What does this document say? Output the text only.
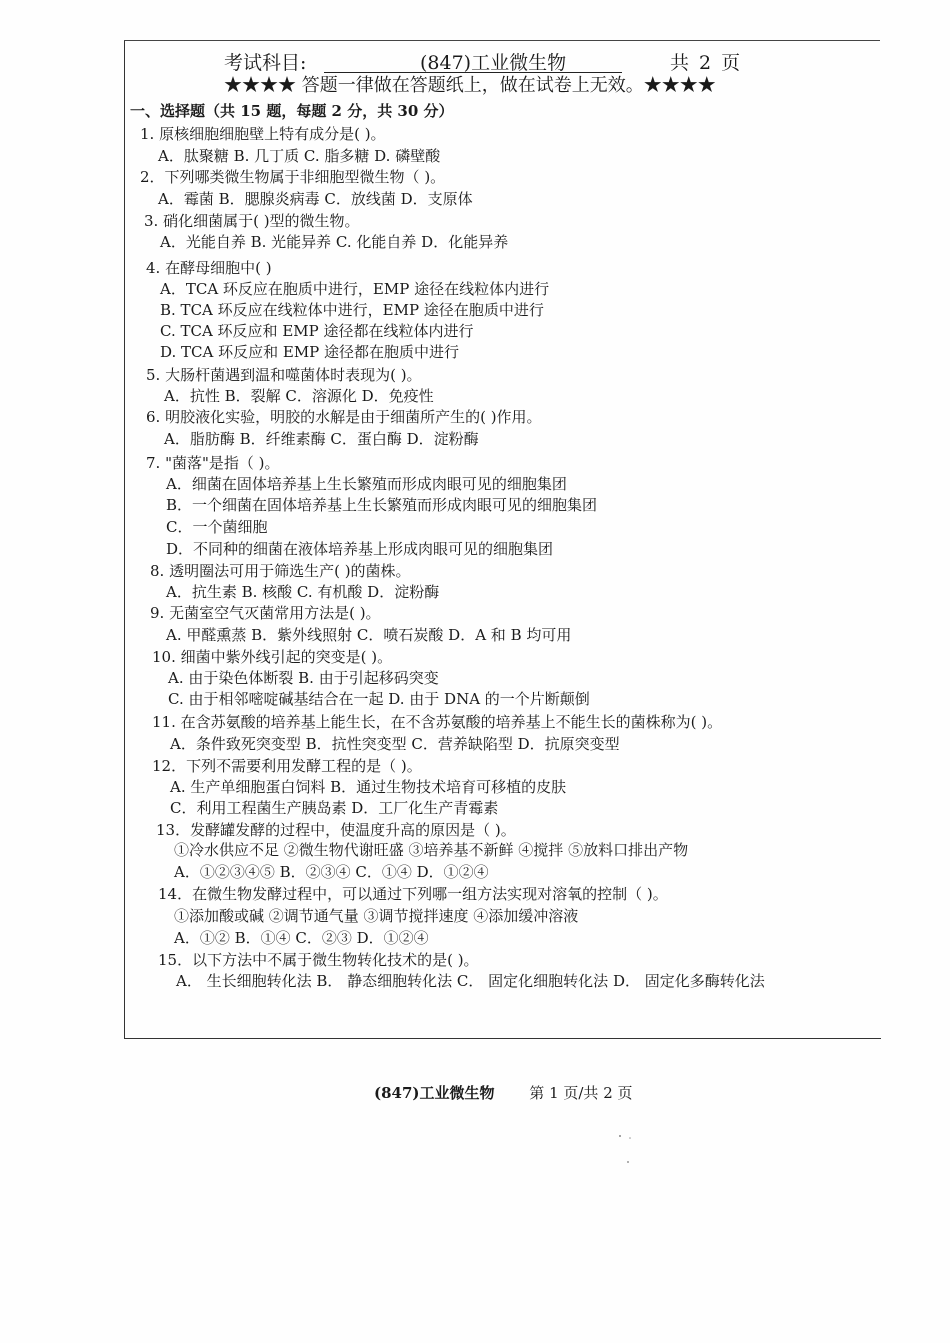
考试科目:	(847)工业微生物	共 2 页
★★★★ 答题一律做在答题纸上，做在试卷上无效。★★★★
一、选择题（共 15 题，每题 2 分，共 30 分）
1. 原核细胞细胞壁上特有成分是( )。
A．肽聚糖 B. 几丁质 C. 脂多糖 D. 磷壁酸
2．下列哪类微生物属于非细胞型微生物（ )。
A．霉菌 B．腮腺炎病毒 C．放线菌 D．支原体
3. 硝化细菌属于( )型的微生物。
A．光能自养 B. 光能异养 C. 化能自养 D．化能异养
4. 在酵母细胞中( )
A．TCA 环反应在胞质中进行，EMP 途径在线粒体内进行
B. TCA 环反应在线粒体中进行，EMP 途径在胞质中进行
C. TCA 环反应和 EMP 途径都在线粒体内进行
D. TCA 环反应和 EMP 途径都在胞质中进行
5. 大肠杆菌遇到温和噬菌体时表现为( )。
A．抗性 B．裂解 C．溶源化 D．免疫性
6. 明胶液化实验，明胶的水解是由于细菌所产生的( )作用。
A．脂肪酶 B．纤维素酶 C．蛋白酶 D．淀粉酶
7. "菌落"是指（ )。
A．细菌在固体培养基上生长繁殖而形成肉眼可见的细胞集团
B．一个细菌在固体培养基上生长繁殖而形成肉眼可见的细胞集团
C．一个菌细胞
D．不同种的细菌在液体培养基上形成肉眼可见的细胞集团
8. 透明圈法可用于筛选生产( )的菌株。
A．抗生素 B. 核酸 C. 有机酸 D．淀粉酶
9. 无菌室空气灭菌常用方法是( )。
A. 甲醛熏蒸 B．紫外线照射 C．喷石炭酸 D．A 和 B 均可用
10. 细菌中紫外线引起的突变是( )。
A. 由于染色体断裂 B. 由于引起移码突变
C. 由于相邻嘧啶碱基结合在一起 D. 由于 DNA 的一个片断颠倒
11. 在含苏氨酸的培养基上能生长，在不含苏氨酸的培养基上不能生长的菌株称为( )。
A．条件致死突变型 B．抗性突变型 C．营养缺陷型 D．抗原突变型
12．下列不需要利用发酵工程的是（ )。
A. 生产单细胞蛋白饲料 B．通过生物技术培育可移植的皮肤
C．利用工程菌生产胰岛素 D．工厂化生产青霉素
13．发酵罐发酵的过程中，使温度升高的原因是（ )。
①冷水供应不足 ②微生物代谢旺盛 ③培养基不新鲜 ④搅拌 ⑤放料口排出产物
A．①②③④⑤ B．②③④ C．①④ D．①②④
14．在微生物发酵过程中，可以通过下列哪一组方法实现对溶氧的控制（ )。
①添加酸或碱 ②调节通气量 ③调节搅拌速度 ④添加缓冲溶液
A．①② B．①④ C．②③ D．①②④
15．以下方法中不属于微生物转化技术的是( )。
A． 生长细胞转化法 B． 静态细胞转化法 C． 固定化细胞转化法 D． 固定化多酶转化法
(847)工业微生物 第 1 页/共 2 页
